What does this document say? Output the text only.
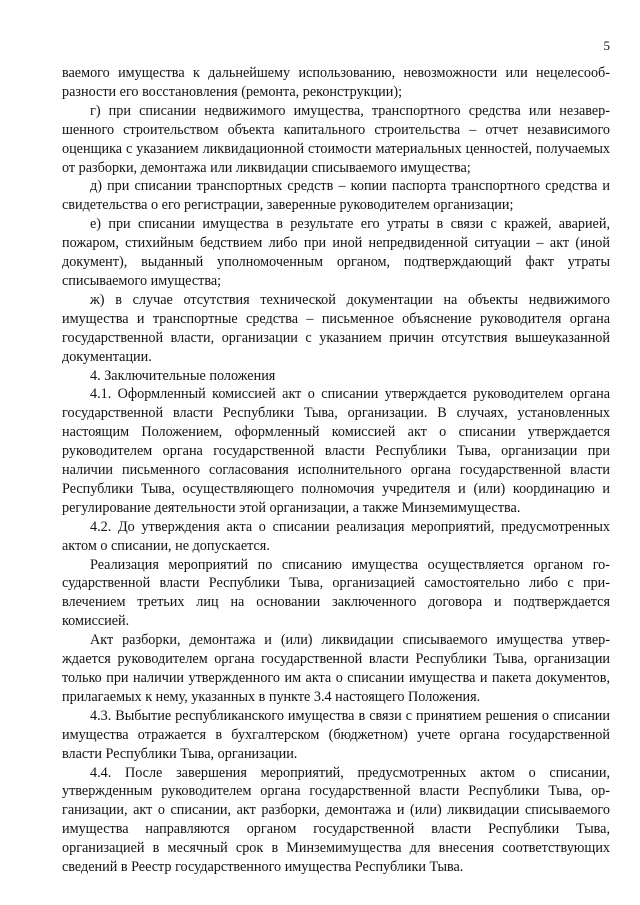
5

ваемого имущества к дальнейшему использованию, невозможности или нецелесообразности его восстановления (ремонта, реконструкции);

г) при списании недвижимого имущества, транспортного средства или незавершенного строительством объекта капитального строительства – отчет независимого оценщика с указанием ликвидационной стоимости материальных ценностей, получаемых от разборки, демонтажа или ликвидации списываемого имущества;

д) при списании транспортных средств – копии паспорта транспортного средства и свидетельства о его регистрации, заверенные руководителем организации;

е) при списании имущества в результате его утраты в связи с кражей, аварией, пожаром, стихийным бедствием либо при иной непредвиденной ситуации – акт (иной документ), выданный уполномоченным органом, подтверждающий факт утраты списываемого имущества;

ж) в случае отсутствия технической документации на объекты недвижимого имущества и транспортные средства – письменное объяснение руководителя органа государственной власти, организации с указанием причин отсутствия вышеуказанной документации.

4. Заключительные положения

4.1. Оформленный комиссией акт о списании утверждается руководителем органа государственной власти Республики Тыва, организации. В случаях, установленных настоящим Положением, оформленный комиссией акт о списании утверждается руководителем органа государственной власти Республики Тыва, организации при наличии письменного согласования исполнительного органа государственной власти Республики Тыва, осуществляющего полномочия учредителя и (или) координацию и регулирование деятельности этой организации, а также Минземимущества.

4.2. До утверждения акта о списании реализация мероприятий, предусмотренных актом о списании, не допускается.

Реализация мероприятий по списанию имущества осуществляется органом государственной власти Республики Тыва, организацией самостоятельно либо с привлечением третьих лиц на основании заключенного договора и подтверждается комиссией.

Акт разборки, демонтажа и (или) ликвидации списываемого имущества утверждается руководителем органа государственной власти Республики Тыва, организации только при наличии утвержденного им акта о списании имущества и пакета документов, прилагаемых к нему, указанных в пункте 3.4 настоящего Положения.

4.3. Выбытие республиканского имущества в связи с принятием решения о списании имущества отражается в бухгалтерском (бюджетном) учете органа государственной власти Республики Тыва, организации.

4.4. После завершения мероприятий, предусмотренных актом о списании, утвержденным руководителем органа государственной власти Республики Тыва, организации, акт о списании, акт разборки, демонтажа и (или) ликвидации списываемого имущества направляются органом государственной власти Республики Тыва, организацией в месячный срок в Минземимущества для внесения соответствующих сведений в Реестр государственного имущества Республики Тыва.
